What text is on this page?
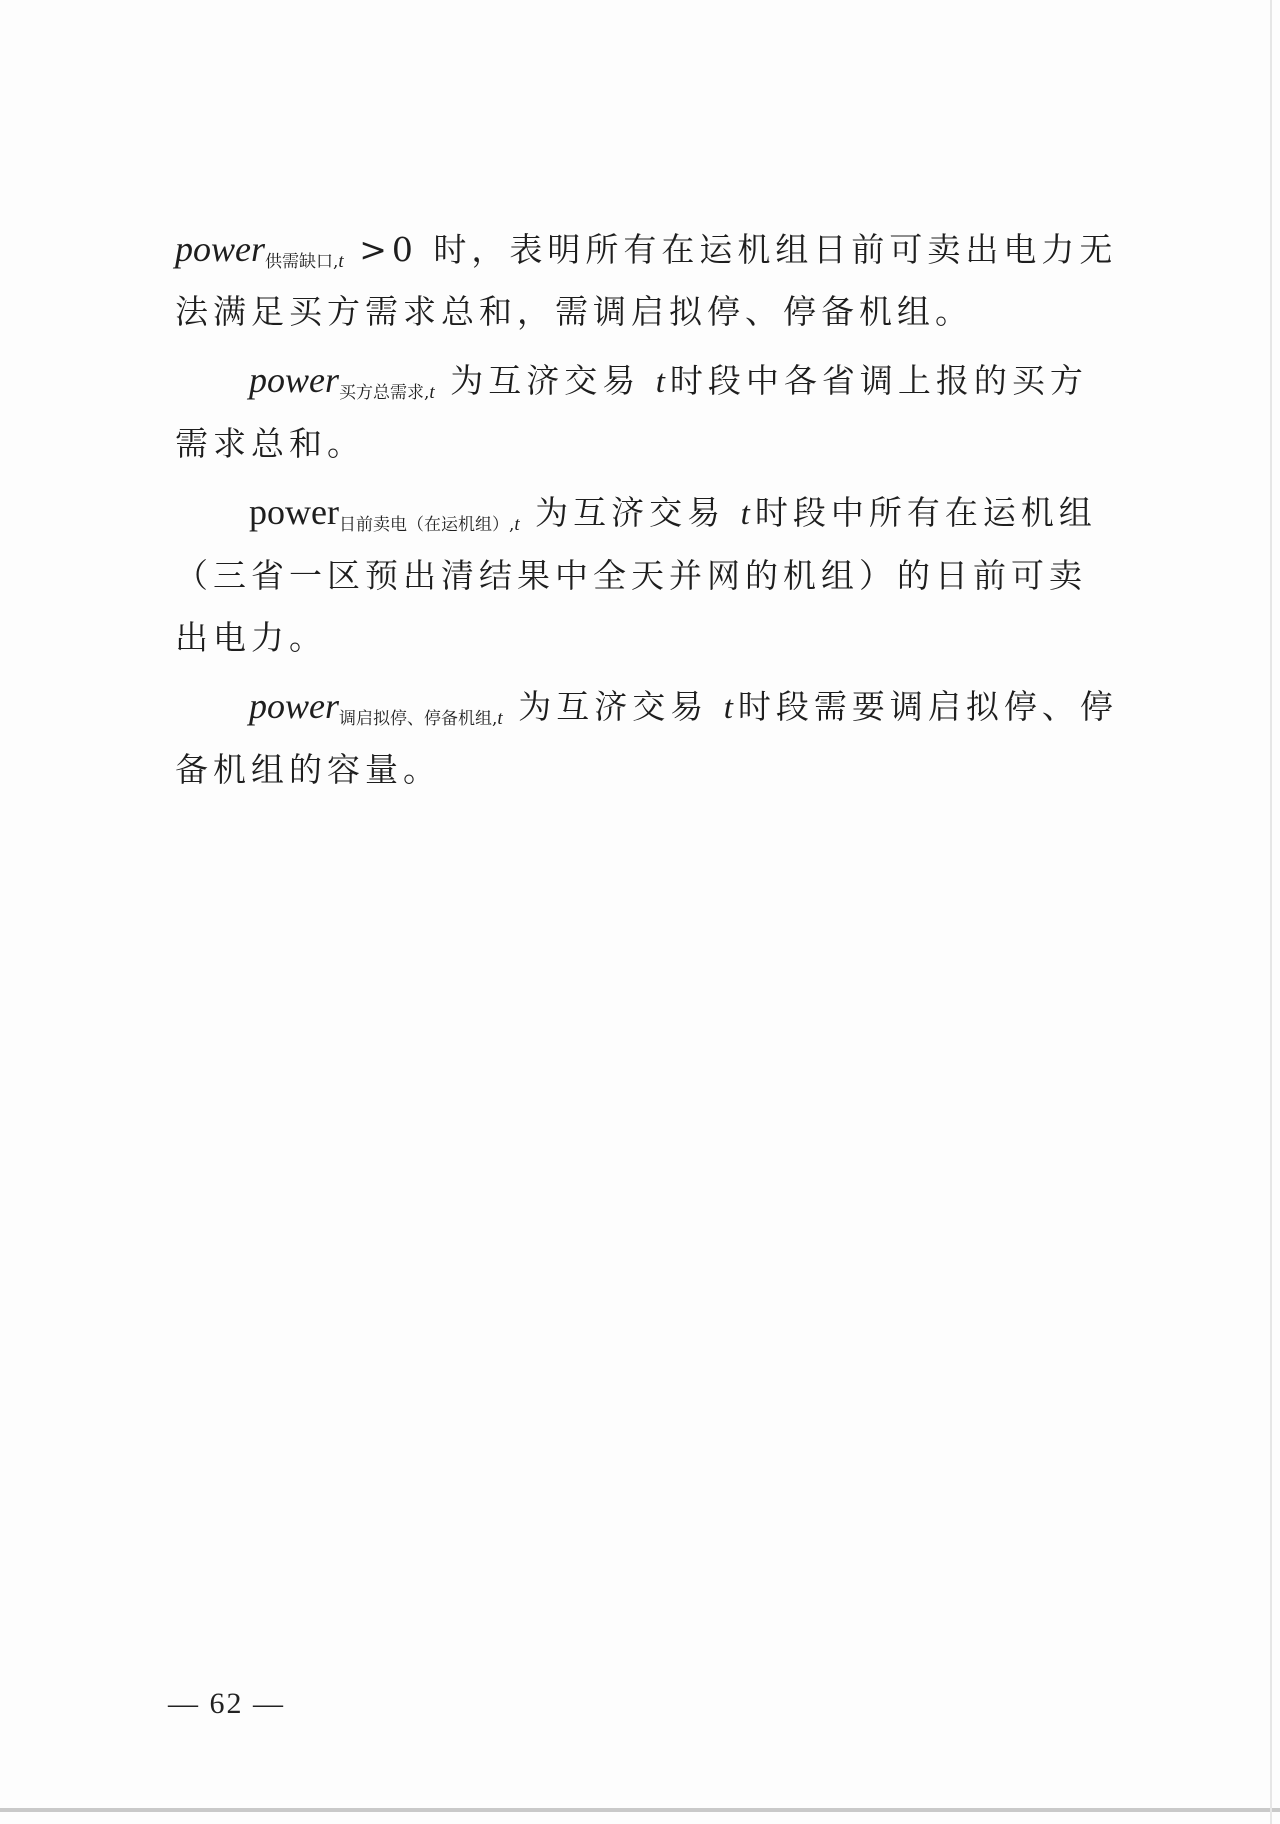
power$_{供需缺口,}$t >0 时，表明所有在运机组日前可卖出电力无法满足买方需求总和，需调启拟停、停备机组。

power$_{买方总需求,}$t 为互济交易 t时段中各省调上报的买方需求总和。

power$_{日前卖电(在运机组),}$t 为互济交易 t时段中所有在运机组（三省一区预出清结果中全天并网的机组）的日前可卖出电力。

power$_{调启拟停、停备机组,}$t 为互济交易 t时段需要调启拟停、停备机组的容量。

— 62 —
